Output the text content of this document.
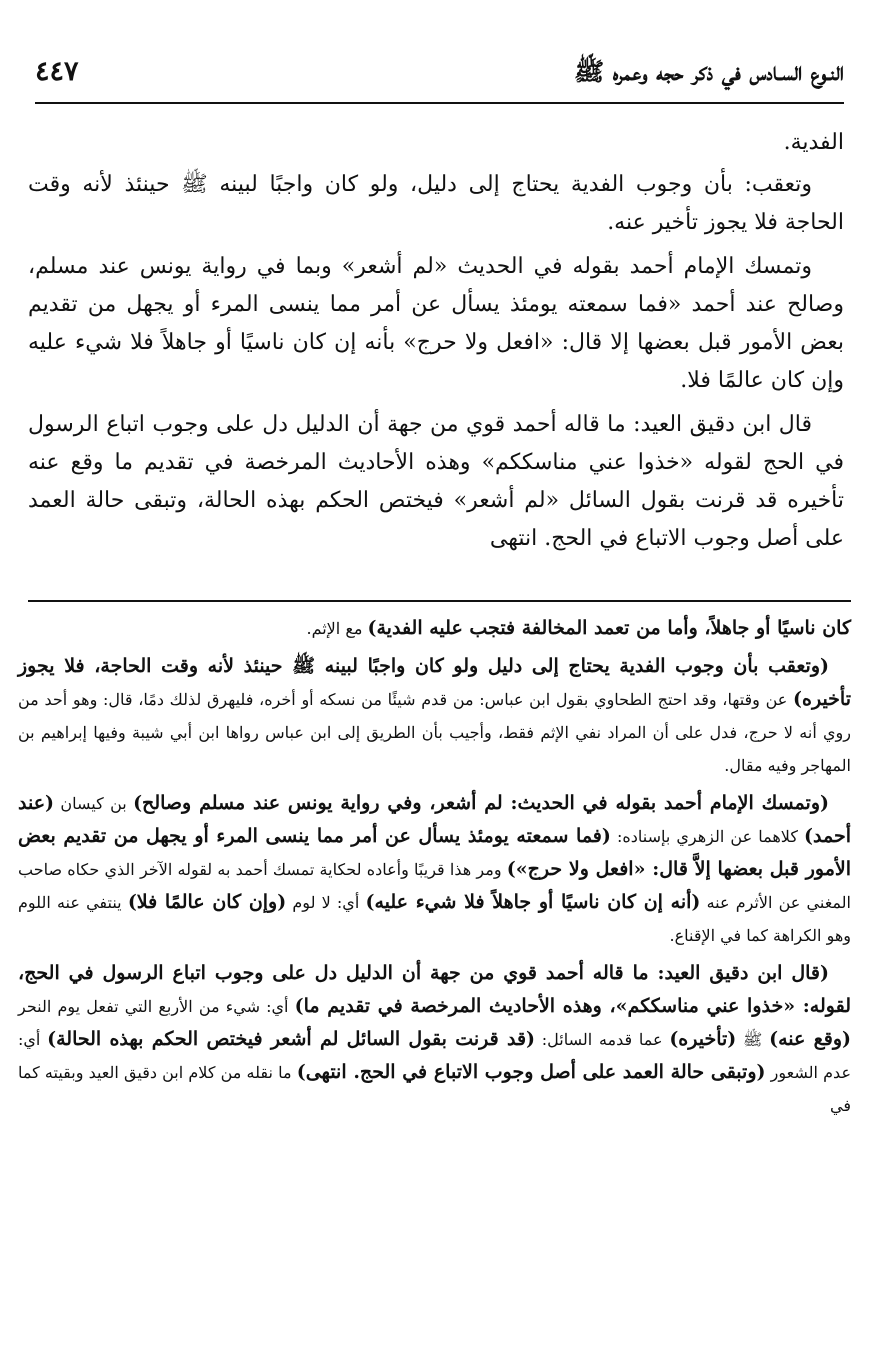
النـوع السـادس في ذكر حجه وعمره ﷺ
٤٤٧

الفدية.

وتعقب: بأن وجوب الفدية يحتاج إلى دليل، ولو كان واجبًا لبينه ﷺ حينئذ لأنه وقت الحاجة فلا يجوز تأخير عنه.

وتمسك الإمام أحمد بقوله في الحديث «لم أشعر» وبما في رواية يونس عند مسلم، وصالح عند أحمد «فما سمعته يومئذ يسأل عن أمر مما ينسى المرء أو يجهل من تقديم بعض الأمور قبل بعضها إلا قال: «افعل ولا حرج» بأنه إن كان ناسيًا أو جاهلاً فلا شيء عليه وإن كان عالمًا فلا.

قال ابن دقيق العيد: ما قاله أحمد قوي من جهة أن الدليل دل على وجوب اتباع الرسول في الحج لقوله «خذوا عني مناسككم» وهذه الأحاديث المرخصة في تقديم ما وقع عنه تأخيره قد قرنت بقول السائل «لم أشعر» فيختص الحكم بهذه الحالة، وتبقى حالة العمد على أصل وجوب الاتباع في الحج. انتهى

كان ناسيًا أو جاهلاً، وأما من تعمد المخالفة فتجب عليه الفدية) مع الإثم.

(وتعقب بأن وجوب الفدية يحتاج إلى دليل ولو كان واجبًا لبينه ﷺ حينئذ لأنه وقت الحاجة، فلا يجوز تأخيره) عن وقتها، وقد احتج الطحاوي بقول ابن عباس: من قدم شيئًا من نسكه أو أخره، فليهرق لذلك دمًا، قال: وهو أحد من روي أنه لا حرج، فدل على أن المراد نفي الإثم فقط، وأجيب بأن الطريق إلى ابن عباس رواها ابن أبي شيبة وفيها إبراهيم بن المهاجر وفيه مقال.

(وتمسك الإمام أحمد بقوله في الحديث: لم أشعر، وفي رواية يونس عند مسلم وصالح) بن كيسان (عند أحمد) كلاهما عن الزهري بإسناده: (فما سمعته يومئذ يسأل عن أمر مما ينسى المرء أو يجهل من تقديم بعض الأمور قبل بعضها إلاَّ قال: «افعل ولا حرج») ومر هذا قريبًا وأعاده لحكاية تمسك أحمد به لقوله الآخر الذي حكاه صاحب المغني عن الأثرم عنه (أنه إن كان ناسيًا أو جاهلاً فلا شيء عليه) أي: لا لوم (وإن كان عالمًا فلا) ينتفي عنه اللوم وهو الكراهة كما في الإقناع.

(قال ابن دقيق العيد: ما قاله أحمد قوي من جهة أن الدليل دل على وجوب اتباع الرسول في الحج، لقوله: «خذوا عني مناسككم»، وهذه الأحاديث المرخصة في تقديم ما) أي: شيء من الأربع التي تفعل يوم النحر (وقع عنه) ﷺ (تأخيره) عما قدمه السائل: (قد قرنت بقول السائل لم أشعر فيختص الحكم بهذه الحالة) أي: عدم الشعور (وتبقى حالة العمد على أصل وجوب الاتباع في الحج. انتهى) ما نقله من كلام ابن دقيق العيد وبقيته كما في
